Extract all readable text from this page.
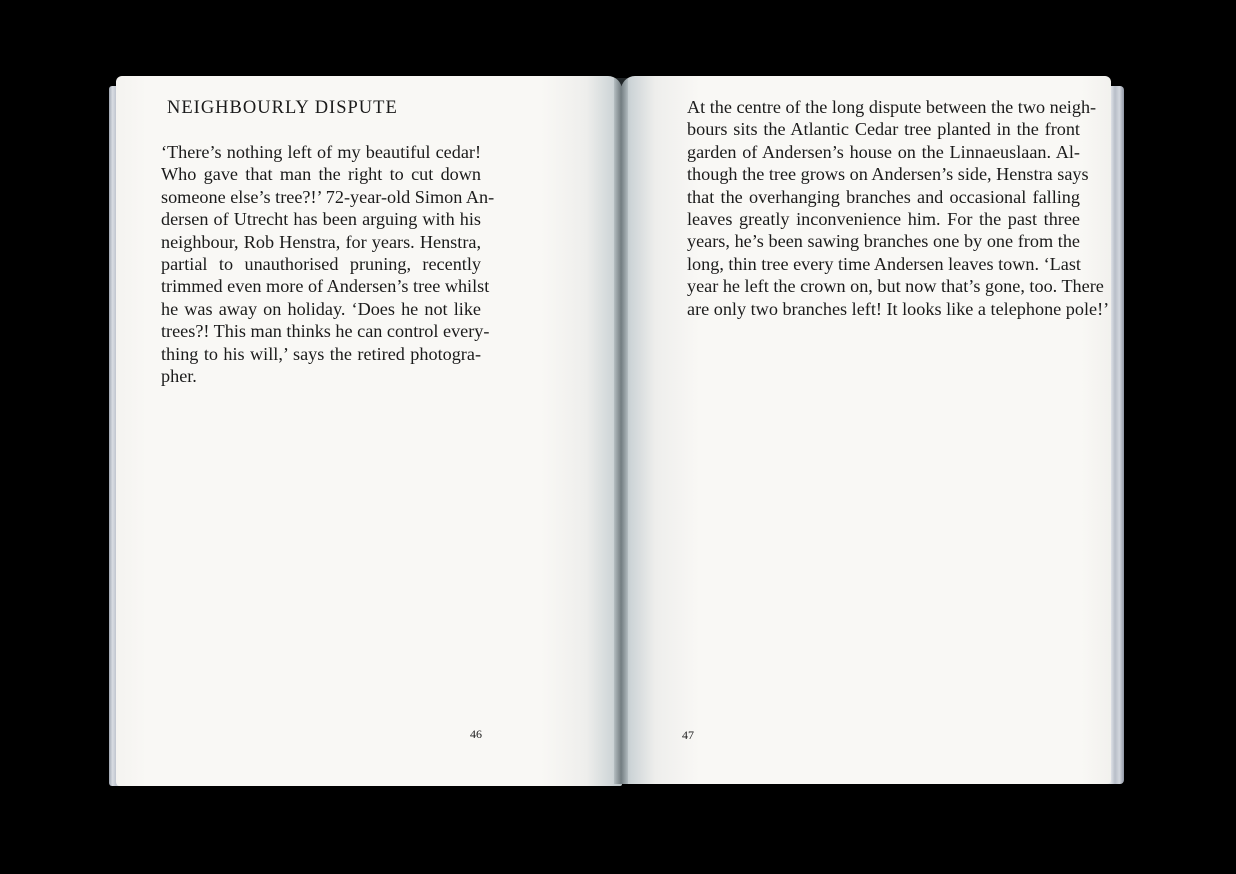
NEIGHBOURLY DISPUTE

‘There’s nothing left of my beautiful cedar!
Who gave that man the right to cut down
someone else’s tree?!’ 72-year-old Simon An-
dersen of Utrecht has been arguing with his
neighbour, Rob Henstra, for years. Henstra,
partial to unauthorised pruning, recently
trimmed even more of Andersen’s tree whilst
he was away on holiday. ‘Does he not like
trees?! This man thinks he can control every-
thing to his will,’ says the retired photogra-
pher.

46

At the centre of the long dispute between the two neigh-
bours sits the Atlantic Cedar tree planted in the front
garden of Andersen’s house on the Linnaeuslaan. Al-
though the tree grows on Andersen’s side, Henstra says
that the overhanging branches and occasional falling
leaves greatly inconvenience him. For the past three
years, he’s been sawing branches one by one from the
long, thin tree every time Andersen leaves town. ‘Last
year he left the crown on, but now that’s gone, too. There
are only two branches left! It looks like a telephone pole!’

47
